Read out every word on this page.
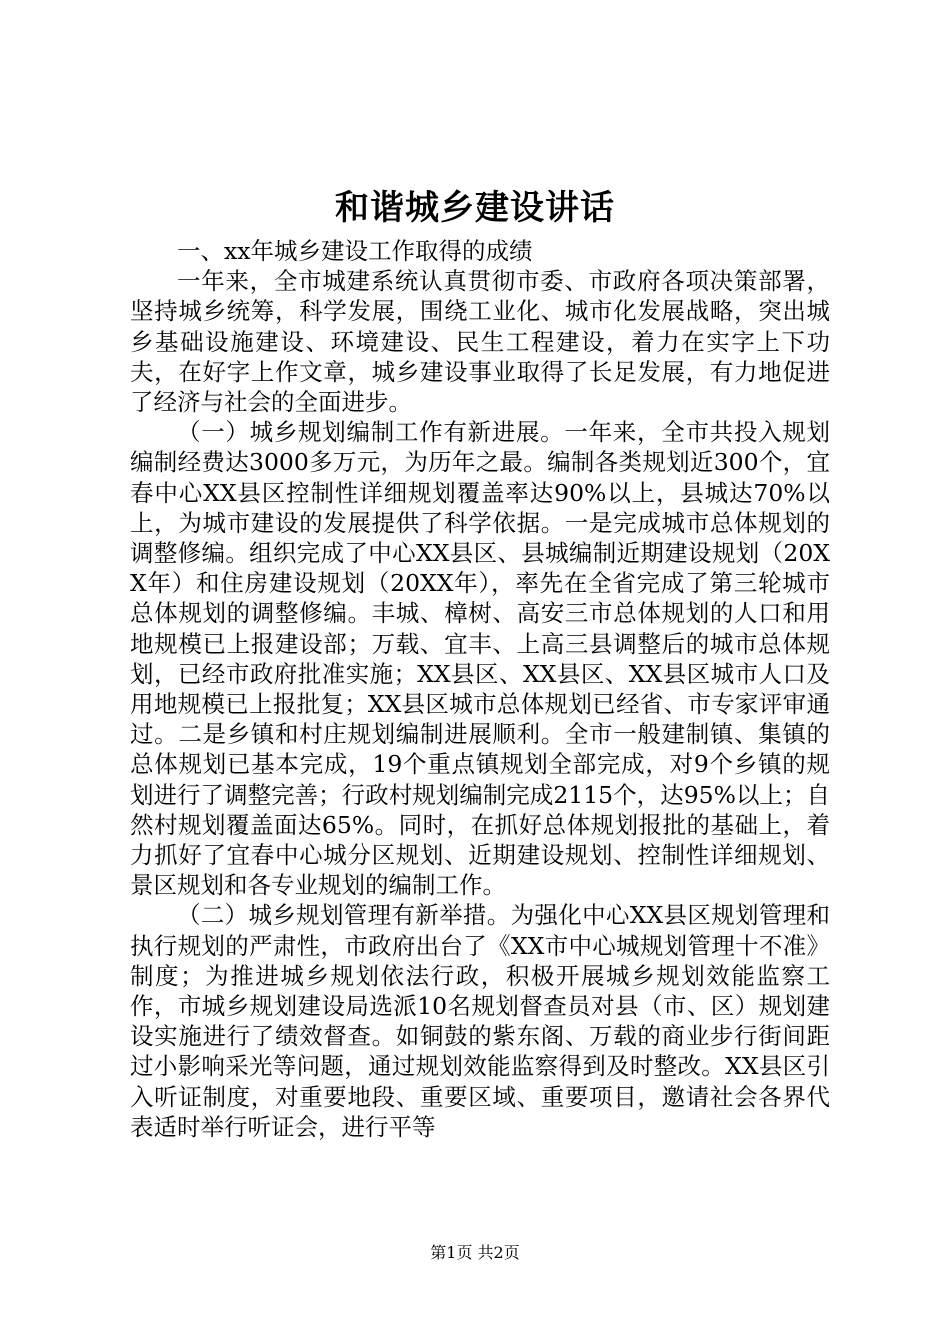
和谐城乡建设讲话

一、xx年城乡建设工作取得的成绩

一年来，全市城建系统认真贯彻市委、市政府各项决策部署，坚持城乡统筹，科学发展，围绕工业化、城市化发展战略，突出城乡基础设施建设、环境建设、民生工程建设，着力在实字上下功夫，在好字上作文章，城乡建设事业取得了长足发展，有力地促进了经济与社会的全面进步。

（一）城乡规划编制工作有新进展。一年来，全市共投入规划编制经费达3000多万元，为历年之最。编制各类规划近300个，宜春中心XX县区控制性详细规划覆盖率达90%以上，县城达70%以上，为城市建设的发展提供了科学依据。一是完成城市总体规划的调整修编。组织完成了中心XX县区、县城编制近期建设规划（20XX年）和住房建设规划（20XX年），率先在全省完成了第三轮城市总体规划的调整修编。丰城、樟树、高安三市总体规划的人口和用地规模已上报建设部；万载、宜丰、上高三县调整后的城市总体规划，已经市政府批准实施；XX县区、XX县区、XX县区城市人口及用地规模已上报批复；XX县区城市总体规划已经省、市专家评审通过。二是乡镇和村庄规划编制进展顺利。全市一般建制镇、集镇的总体规划已基本完成，19个重点镇规划全部完成，对9个乡镇的规划进行了调整完善；行政村规划编制完成2115个，达95%以上；自然村规划覆盖面达65%。同时，在抓好总体规划报批的基础上，着力抓好了宜春中心城分区规划、近期建设规划、控制性详细规划、景区规划和各专业规划的编制工作。

（二）城乡规划管理有新举措。为强化中心XX县区规划管理和执行规划的严肃性，市政府出台了《XX市中心城规划管理十不准》制度；为推进城乡规划依法行政，积极开展城乡规划效能监察工作，市城乡规划建设局选派10名规划督查员对县（市、区）规划建设实施进行了绩效督查。如铜鼓的紫东阁、万载的商业步行街间距过小影响采光等问题，通过规划效能监察得到及时整改。XX县区引入听证制度，对重要地段、重要区域、重要项目，邀请社会各界代表适时举行听证会，进行平等

第1页 共2页
